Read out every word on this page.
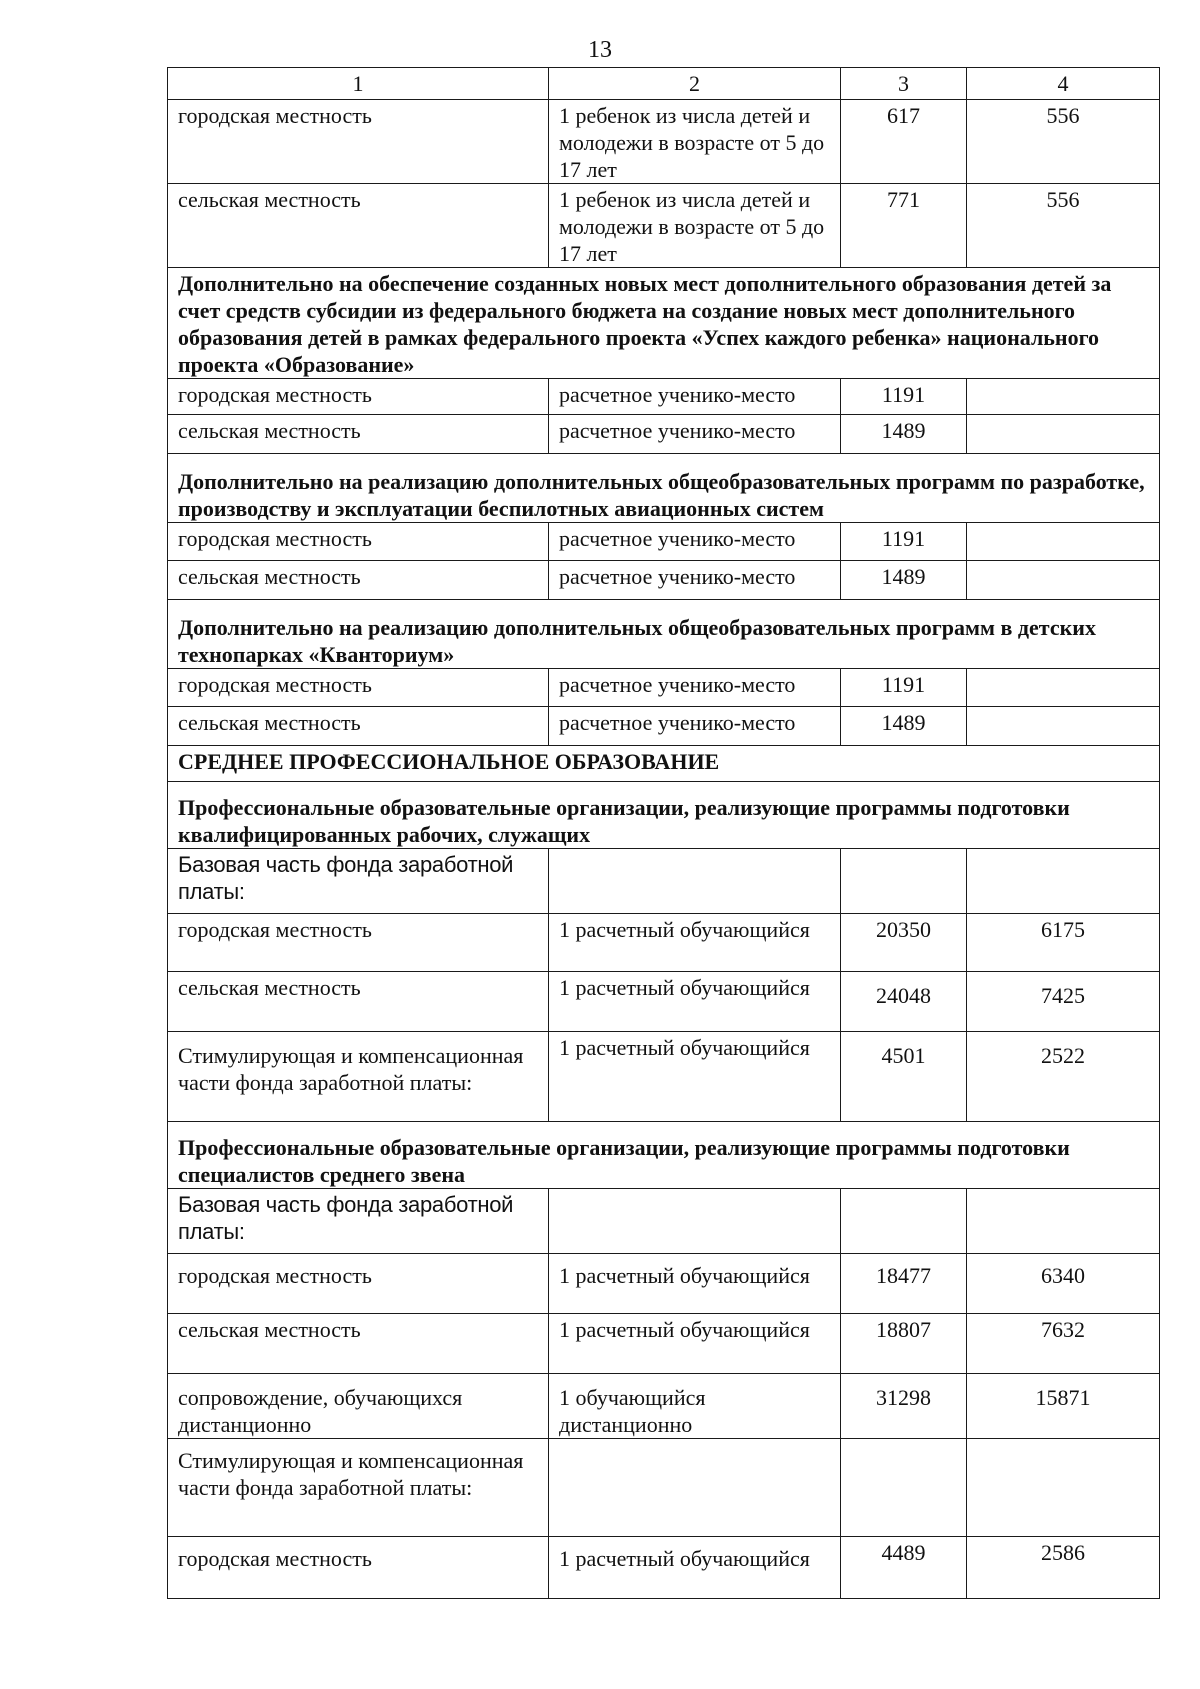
13
1	2	3	4
городская местность	1 ребенок из числа детей и молодежи в возрасте от 5 до 17 лет	617	556
сельская местность	1 ребенок из числа детей и молодежи в возрасте от 5 до 17 лет	771	556
Дополнительно на обеспечение созданных новых мест дополнительного образования детей за счет средств субсидии из федерального бюджета на создание новых мест дополнительного образования детей в рамках федерального проекта «Успех каждого ребенка» национального проекта «Образование»			
городская местность	расчетное ученико-место	1191	
сельская местность	расчетное ученико-место	1489	
Дополнительно на реализацию дополнительных общеобразовательных программ по разработке, производству и эксплуатации беспилотных авиационных систем			
городская местность	расчетное ученико-место	1191	
сельская местность	расчетное ученико-место	1489	
Дополнительно на реализацию дополнительных общеобразовательных программ в детских технопарках «Кванториум»			
городская местность	расчетное ученико-место	1191	
сельская местность	расчетное ученико-место	1489	
СРЕДНЕЕ ПРОФЕССИОНАЛЬНОЕ ОБРАЗОВАНИЕ			
Профессиональные образовательные организации, реализующие программы подготовки квалифицированных рабочих, служащих			
Базовая часть фонда заработной платы:			
городская местность	1 расчетный обучающийся	20350	6175
сельская местность	1 расчетный обучающийся	24048	7425
Стимулирующая и компенсационная части фонда заработной платы:	1 расчетный обучающийся	4501	2522
Профессиональные образовательные организации, реализующие программы подготовки специалистов среднего звена			
Базовая часть фонда заработной платы:			
городская местность	1 расчетный обучающийся	18477	6340
сельская местность	1 расчетный обучающийся	18807	7632
сопровождение, обучающихся дистанционно	1 обучающийся дистанционно	31298	15871
Стимулирующая и компенсационная части фонда заработной платы:			
городская местность	1 расчетный обучающийся	4489	2586
